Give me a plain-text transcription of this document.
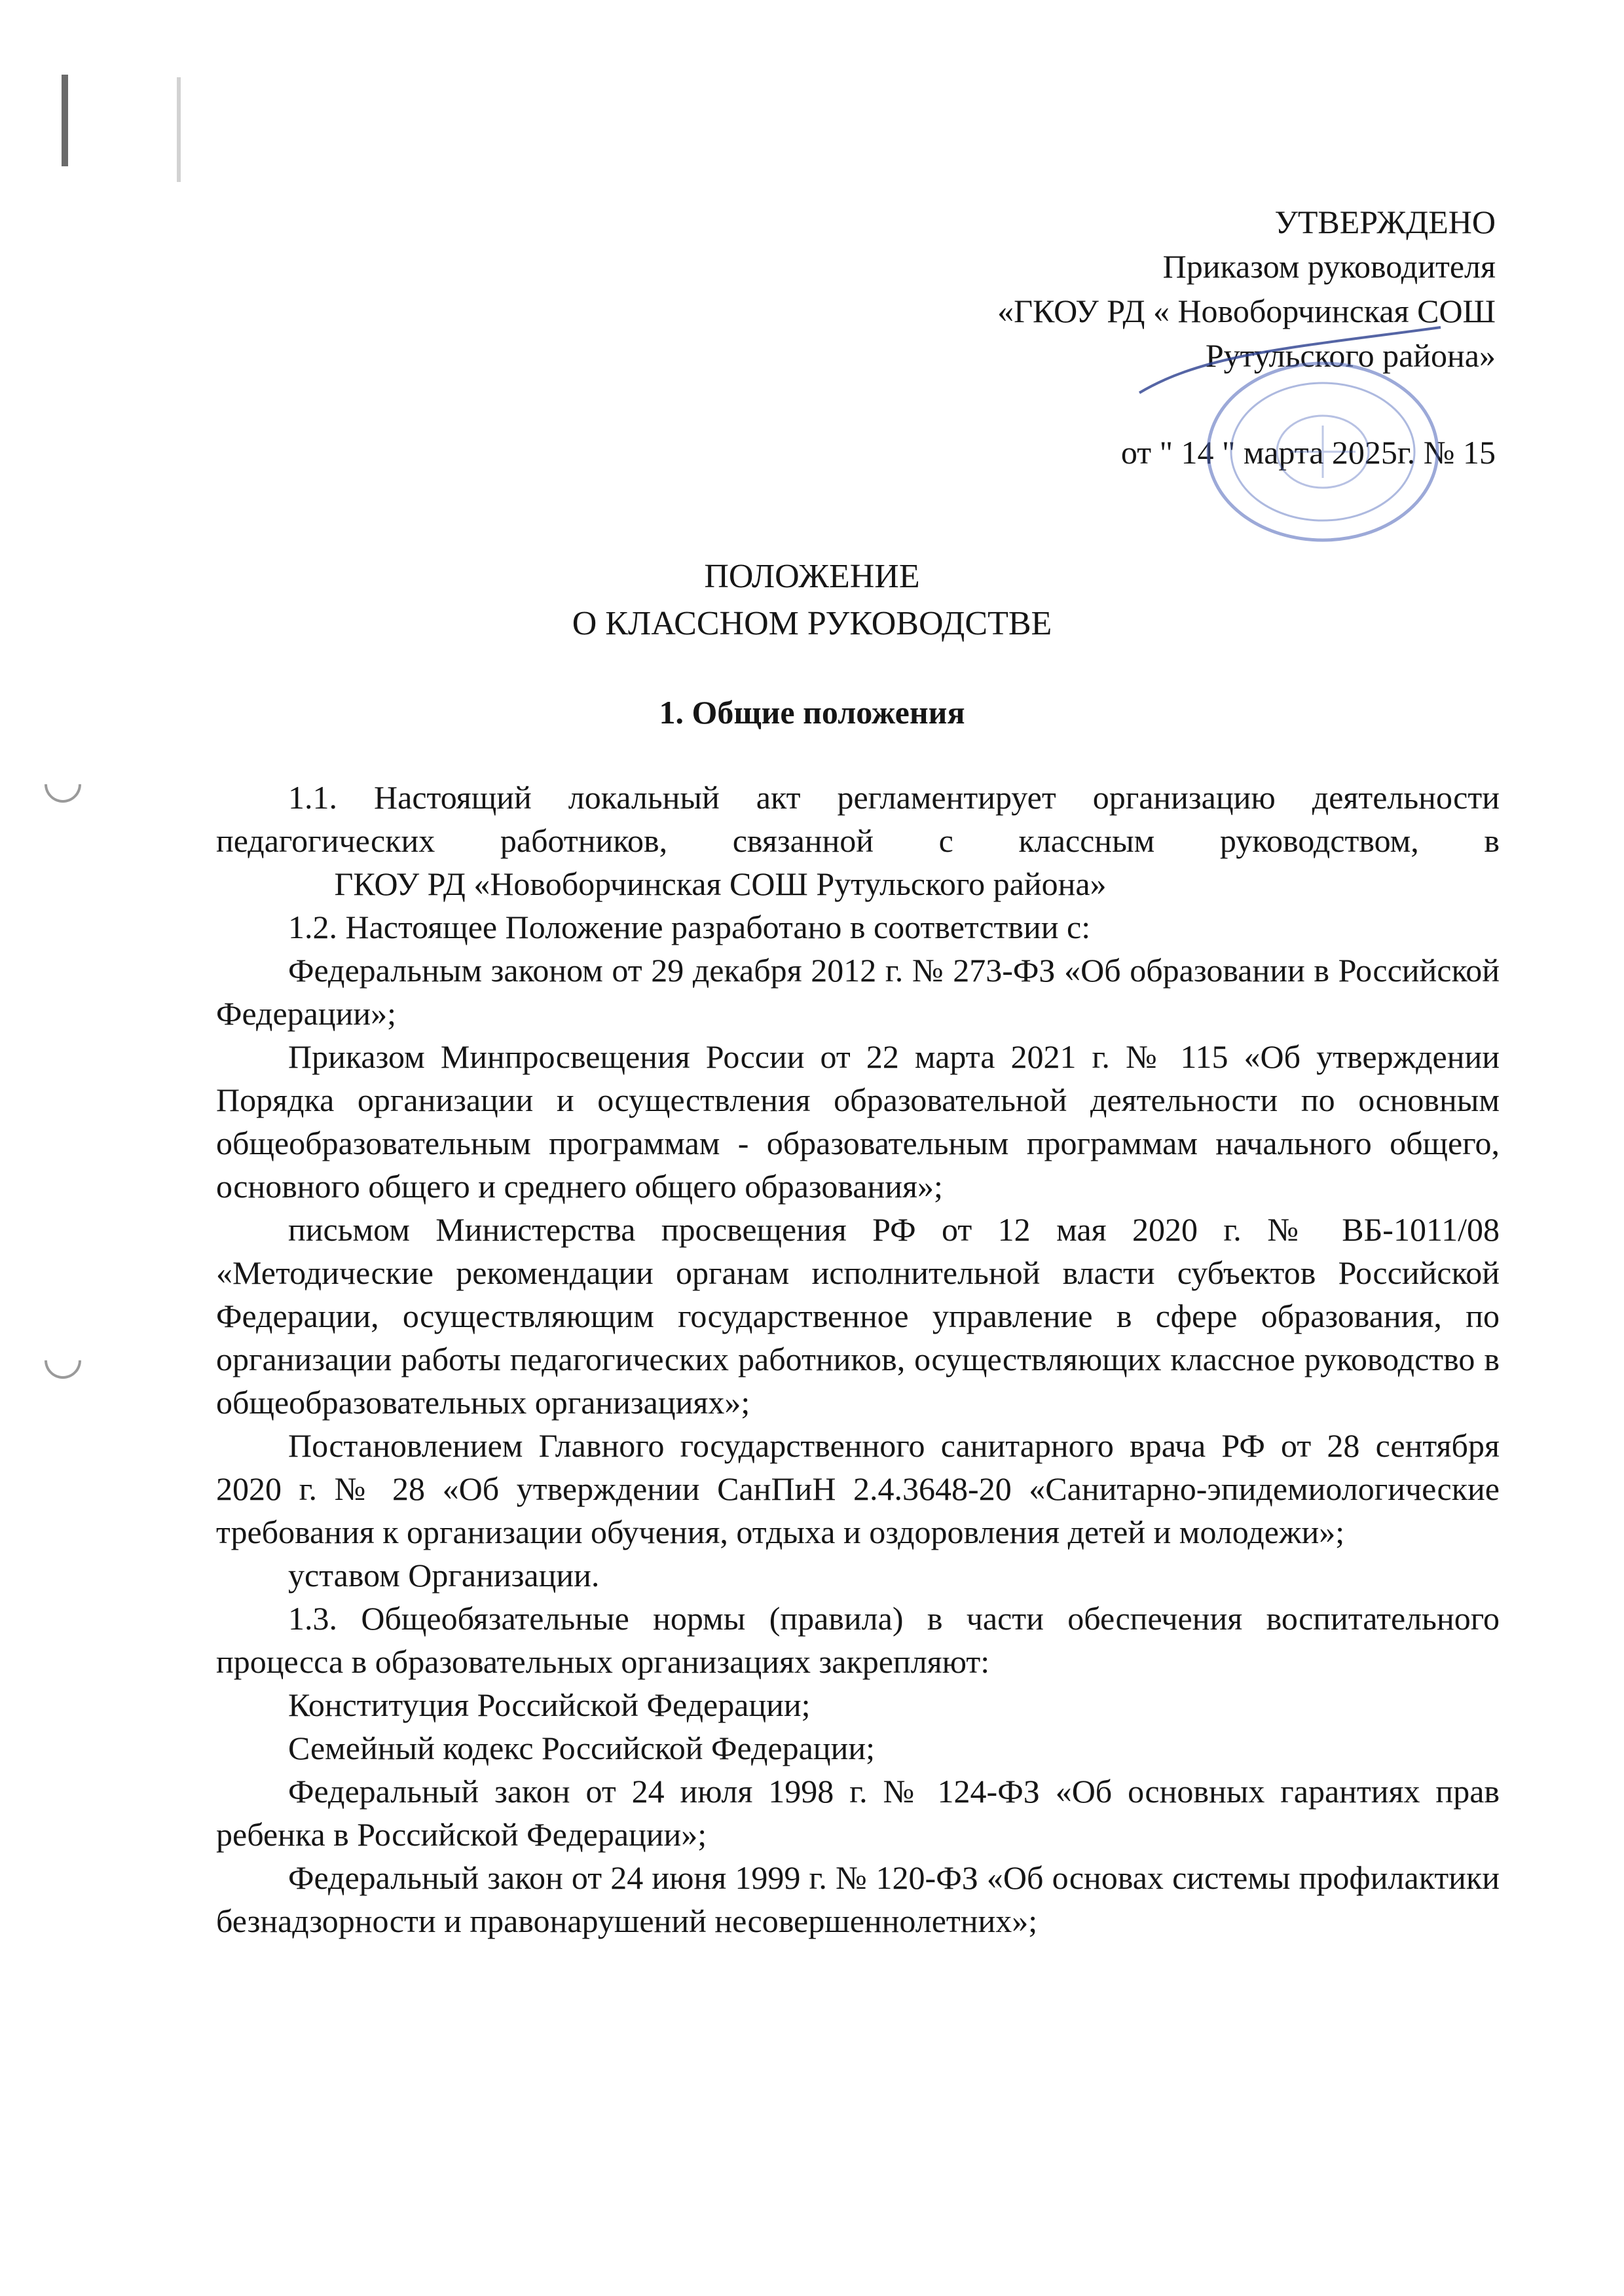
УТВЕРЖДЕНО
Приказом руководителя
«ГКОУ РД « Новоборчинская СОШ
Рутульского района»
от " 14 " марта 2025г. № 15
ПОЛОЖЕНИЕ
О КЛАССНОМ РУКОВОДСТВЕ
1. Общие положения

1.1. Настоящий локальный акт регламентирует организацию деятельности

педагогических работников, связанной с классным руководством, в

ГКОУ РД «Новоборчинская СОШ Рутульского района»

1.2. Настоящее Положение разработано в соответствии с:

Федеральным законом от 29 декабря 2012 г. № 273-ФЗ «Об образовании в Российской Федерации»;

Приказом Минпросвещения России от 22 марта 2021 г. № 115 «Об утверждении Порядка организации и осуществления образовательной деятельности по основным общеобразовательным программам - образовательным программам начального общего, основного общего и среднего общего образования»;

письмом Министерства просвещения РФ от 12 мая 2020 г. № ВБ-1011/08 «Методические рекомендации органам исполнительной власти субъектов Российской Федерации, осуществляющим государственное управление в сфере образования, по организации работы педагогических работников, осуществляющих классное руководство в общеобразовательных организациях»;

Постановлением Главного государственного санитарного врача РФ от 28 сентября 2020 г. № 28 «Об утверждении СанПиН 2.4.3648-20 «Санитарно-эпидемиологические требования к организации обучения, отдыха и оздоровления детей и молодежи»;

уставом Организации.

1.3. Общеобязательные нормы (правила) в части обеспечения воспитательного процесса в образовательных организациях закрепляют:

Конституция Российской Федерации;

Семейный кодекс Российской Федерации;

Федеральный закон от 24 июля 1998 г. № 124-ФЗ «Об основных гарантиях прав ребенка в Российской Федерации»;

Федеральный закон от 24 июня 1999 г. № 120-ФЗ «Об основах системы профилактики безнадзорности и правонарушений несовершеннолетних»;
